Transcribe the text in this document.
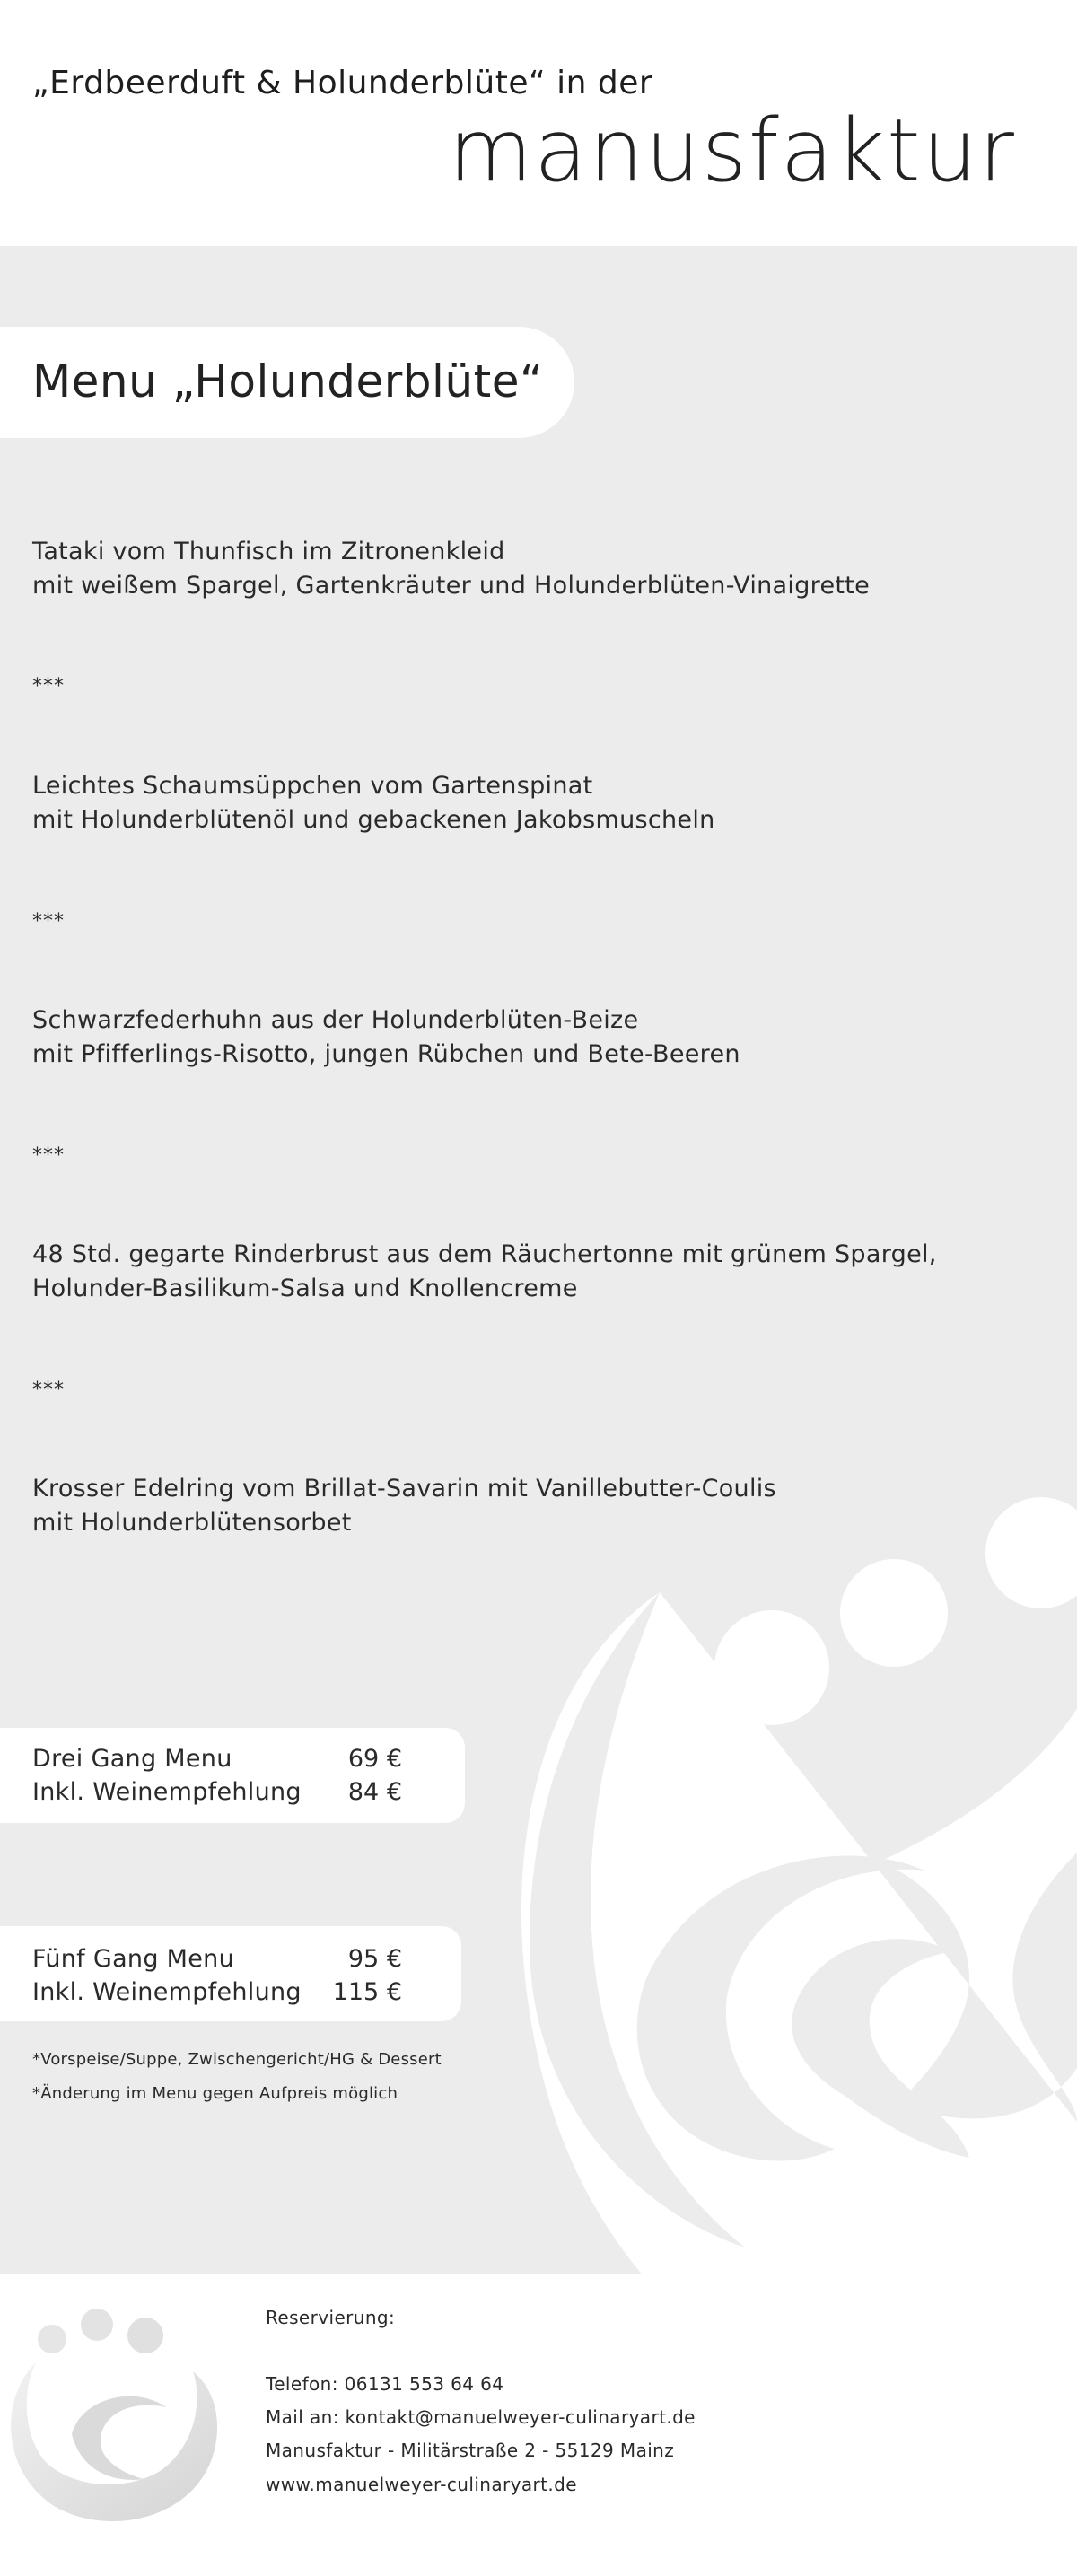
„Erdbeerduft & Holunderblüte“ in der
manusfaktur
Menu „Holunderblüte“
Tataki vom Thunfisch im Zitronenkleid
mit weißem Spargel, Gartenkräuter und Holunderblüten-Vinaigrette
***
Leichtes Schaumsüppchen vom Gartenspinat
mit Holunderblütenöl und gebackenen Jakobsmuscheln
***
Schwarzfederhuhn aus der Holunderblüten-Beize
mit Pfifferlings-Risotto, jungen Rübchen und Bete-Beeren
***
48 Std. gegarte Rinderbrust aus dem Räuchertonne mit grünem Spargel,
Holunder-Basilikum-Salsa und Knollencreme
***
Krosser Edelring vom Brillat-Savarin mit Vanillebutter-Coulis
mit Holunderblütensorbet
Drei Gang Menu	69 €
Inkl. Weinempfehlung	84 €
Fünf Gang Menu	95 €
Inkl. Weinempfehlung	115 €
*Vorspeise/Suppe, Zwischengericht/HG & Dessert
*Änderung im Menu gegen Aufpreis möglich
Reservierung:
Telefon: 06131 553 64 64
Mail an: kontakt@manuelweyer-culinaryart.de
Manusfaktur - Militärstraße 2 - 55129 Mainz
www.manuelweyer-culinaryart.de
